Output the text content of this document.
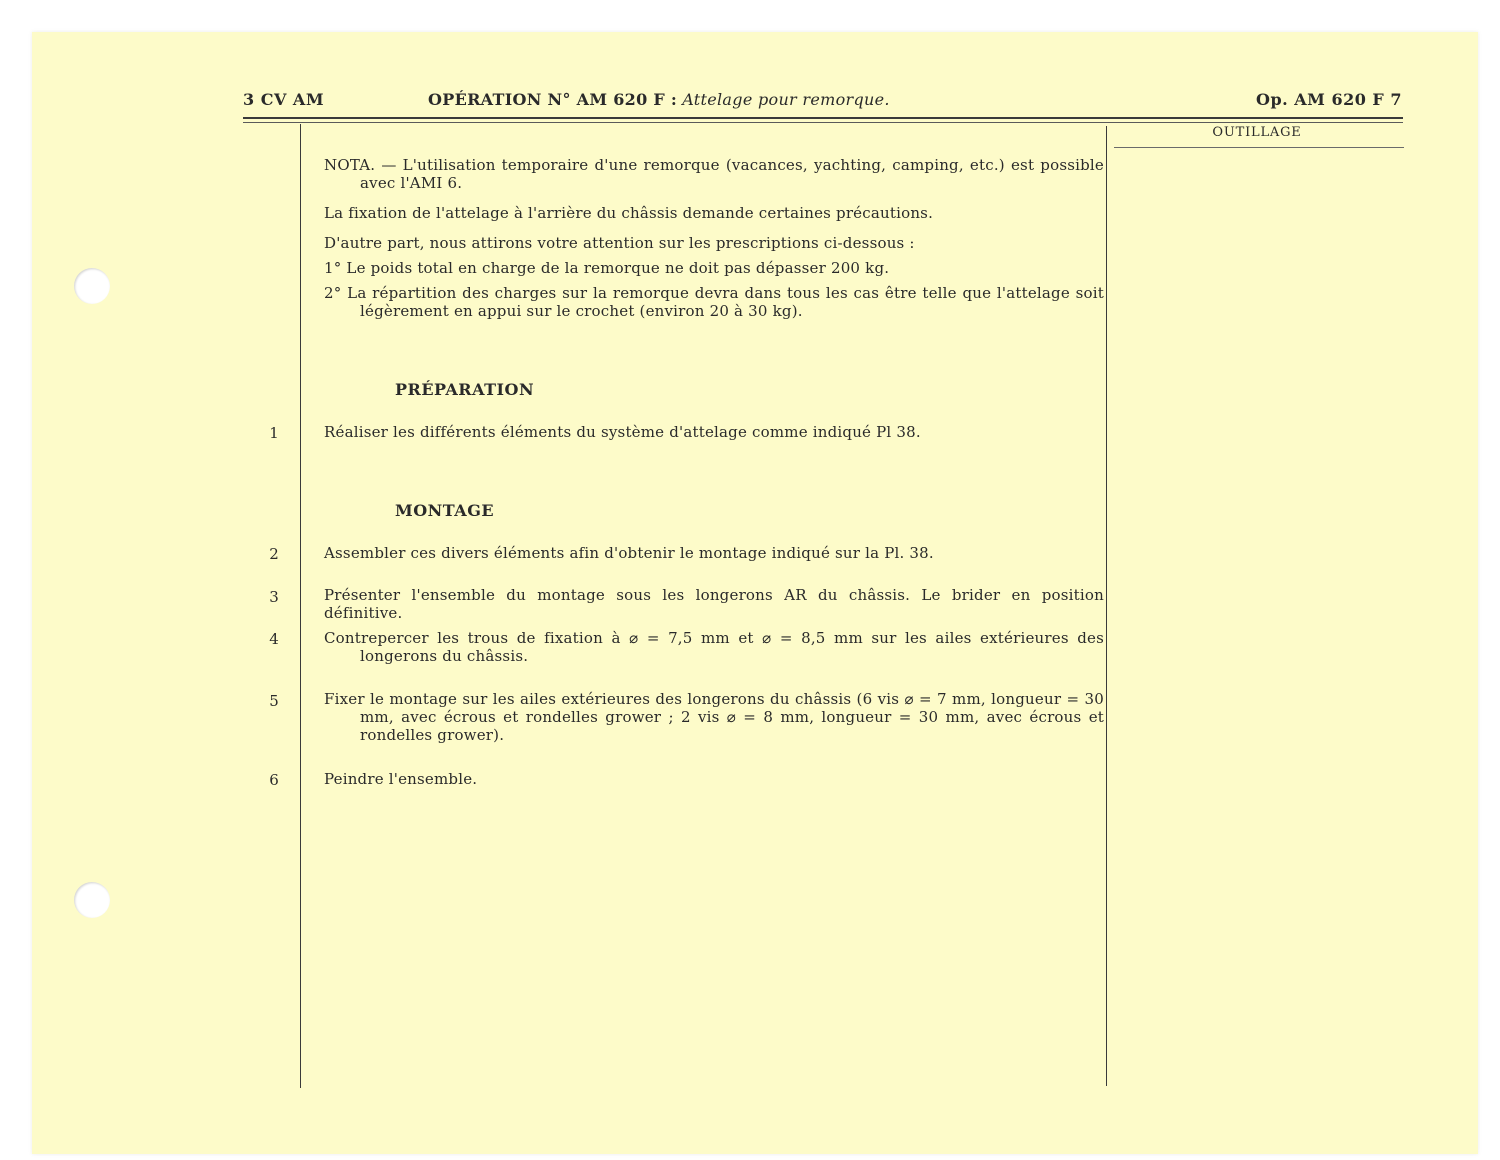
3 CV AM	OPÉRATION N° AM 620 F : Attelage pour remorque.	Op. AM 620 F 7
OUTILLAGE
NOTA. — L'utilisation temporaire d'une remorque (vacances, yachting, camping, etc.) est possible avec l'AMI 6.
La fixation de l'attelage à l'arrière du châssis demande certaines précautions.
D'autre part, nous attirons votre attention sur les prescriptions ci-dessous :
1° Le poids total en charge de la remorque ne doit pas dépasser 200 kg.
2° La répartition des charges sur la remorque devra dans tous les cas être telle que l'attelage soit légèrement en appui sur le crochet (environ 20 à 30 kg).
PRÉPARATION
1	Réaliser les différents éléments du système d'attelage comme indiqué Pl 38.
MONTAGE
2	Assembler ces divers éléments afin d'obtenir le montage indiqué sur la Pl. 38.
3	Présenter l'ensemble du montage sous les longerons AR du châssis. Le brider en position définitive.
4	Contrepercer les trous de fixation à ⌀ = 7,5 mm et ⌀ = 8,5 mm sur les ailes extérieures des longerons du châssis.
5	Fixer le montage sur les ailes extérieures des longerons du châssis (6 vis ⌀ = 7 mm, longueur = 30 mm, avec écrous et rondelles grower ; 2 vis ⌀ = 8 mm, longueur = 30 mm, avec écrous et rondelles grower).
6	Peindre l'ensemble.
